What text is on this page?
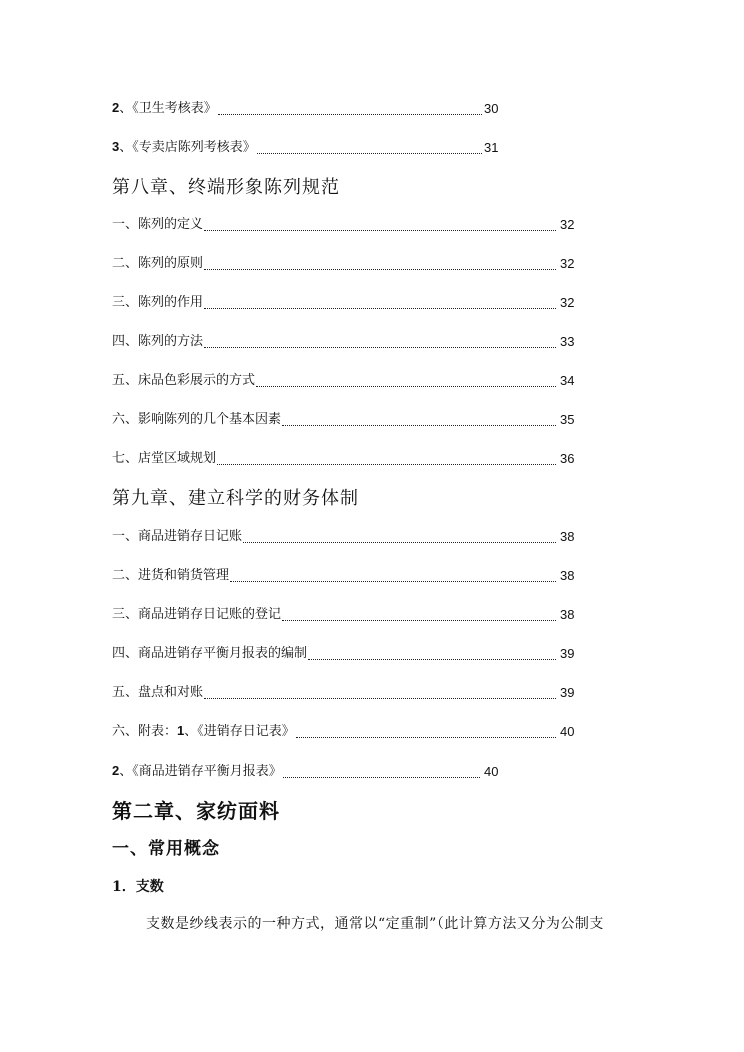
2、《卫生考核表》	30
3、《专卖店陈列考核表》	31
第八章、终端形象陈列规范
一、陈列的定义	32
二、陈列的原则	32
三、陈列的作用	32
四、陈列的方法	33
五、床品色彩展示的方式	34
六、影响陈列的几个基本因素	35
七、店堂区域规划	36
第九章、建立科学的财务体制
一、商品进销存日记账	38
二、进货和销货管理	38
三、商品进销存日记账的登记	38
四、商品进销存平衡月报表的编制	39
五、盘点和对账	39
六、附表：1、《进销存日记表》	40
2、《商品进销存平衡月报表》	40
第二章、家纺面料
一、常用概念
1．支数
支数是纱线表示的一种方式，通常以“定重制”（此计算方法又分为公制支
